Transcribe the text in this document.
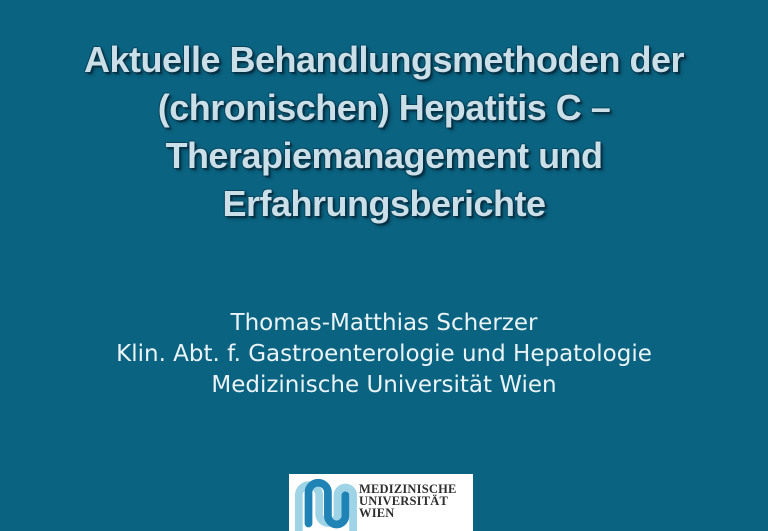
Aktuelle Behandlungsmethoden der
(chronischen) Hepatitis C –
Therapiemanagement und
Erfahrungsberichte
Thomas-Matthias Scherzer
Klin. Abt. f. Gastroenterologie und Hepatologie
Medizinische Universität Wien
MEDIZINISCHE
UNIVERSITÄT
WIEN
